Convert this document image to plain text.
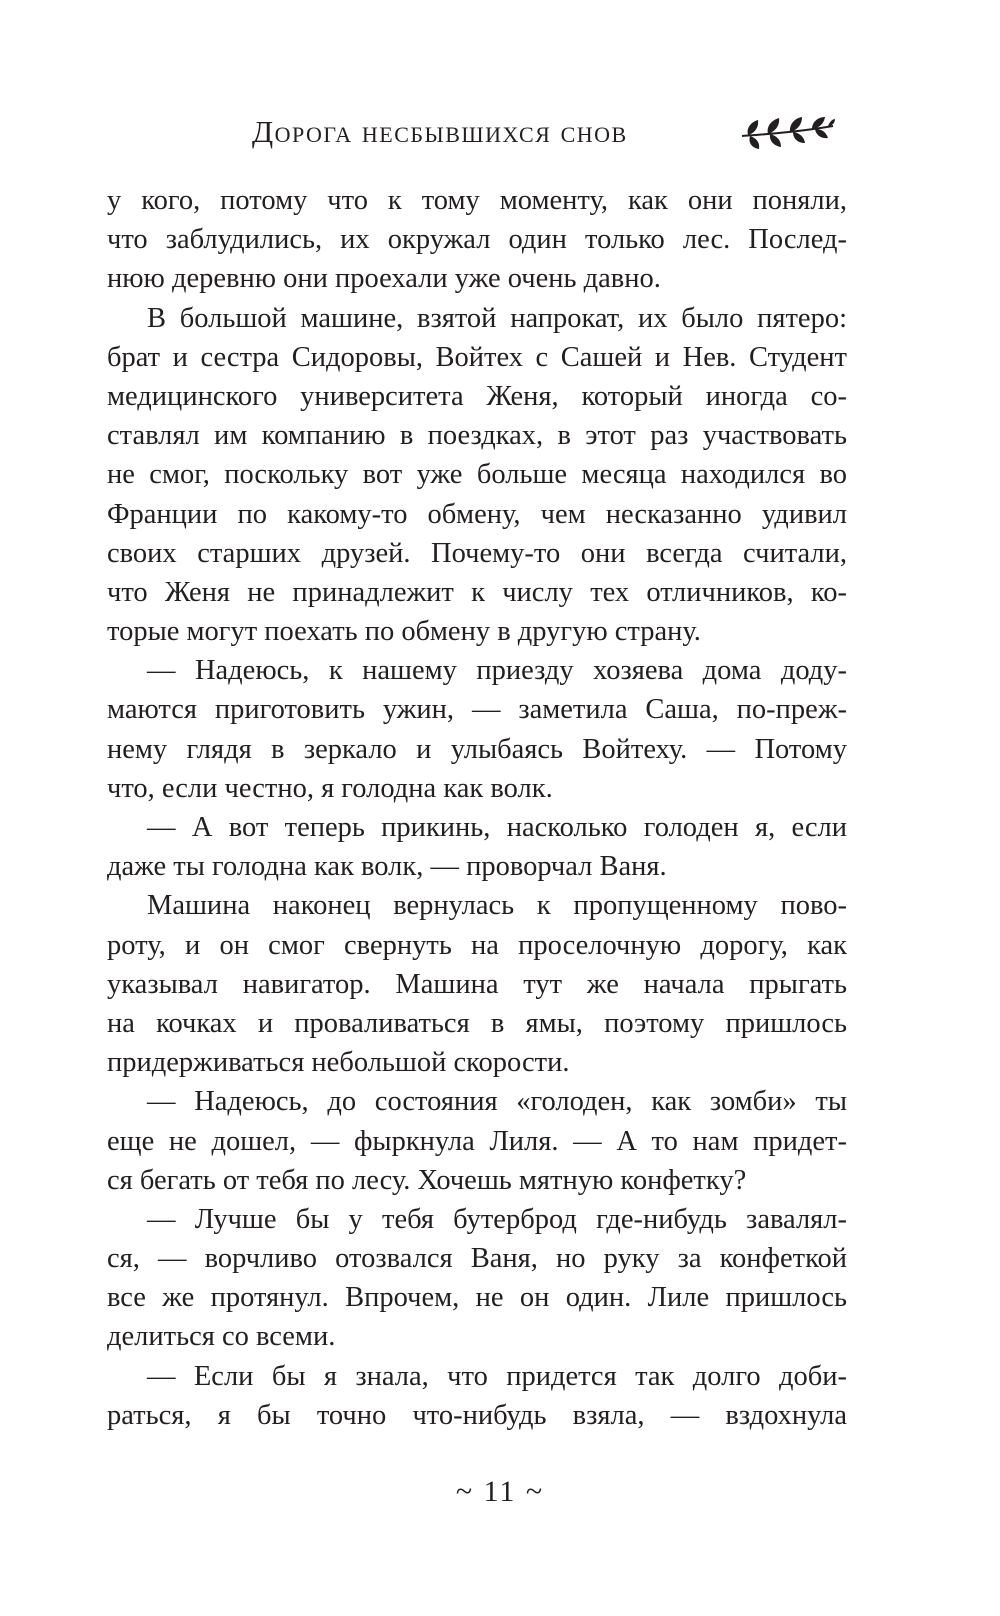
Дорога несбывшихся снов
у кого, потому что к тому моменту, как они поняли,
что заблудились, их окружал один только лес. Послед-
нюю деревню они проехали уже очень давно.
В большой машине, взятой напрокат, их было пятеро:
брат и сестра Сидоровы, Войтех с Сашей и Нев. Студент
медицинского университета Женя, который иногда со-
ставлял им компанию в поездках, в этот раз участвовать
не смог, поскольку вот уже больше месяца находился во
Франции по какому-то обмену, чем несказанно удивил
своих старших друзей. Почему-то они всегда считали,
что Женя не принадлежит к числу тех отличников, ко-
торые могут поехать по обмену в другую страну.
— Надеюсь, к нашему приезду хозяева дома доду-
маются приготовить ужин, — заметила Саша, по-преж-
нему глядя в зеркало и улыбаясь Войтеху. — Потому
что, если честно, я голодна как волк.
— А вот теперь прикинь, насколько голоден я, если
даже ты голодна как волк, — проворчал Ваня.
Машина наконец вернулась к пропущенному пово-
роту, и он смог свернуть на проселочную дорогу, как
указывал навигатор. Машина тут же начала прыгать
на кочках и проваливаться в ямы, поэтому пришлось
придерживаться небольшой скорости.
— Надеюсь, до состояния «голоден, как зомби» ты
еще не дошел, — фыркнула Лиля. — А то нам придет-
ся бегать от тебя по лесу. Хочешь мятную конфетку?
— Лучше бы у тебя бутерброд где-нибудь завалял-
ся, — ворчливо отозвался Ваня, но руку за конфеткой
все же протянул. Впрочем, не он один. Лиле пришлось
делиться со всеми.
— Если бы я знала, что придется так долго доби-
раться, я бы точно что-нибудь взяла, — вздохнула
~ 11 ~
